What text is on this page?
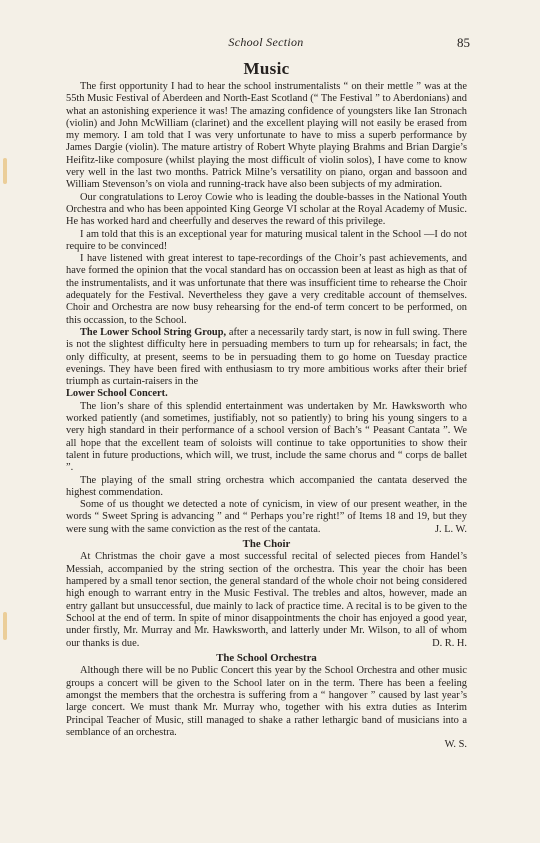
School Section	85
Music

The first opportunity I had to hear the school instrumentalists “ on their mettle ” was at the 55th Music Festival of Aberdeen and North-East Scotland (“ The Festival ” to Aberdonians) and what an astonishing experience it was! The amazing confidence of youngsters like Ian Stronach (violin) and John McWilliam (clarinet) and the excellent playing will not easily be erased from my memory. I am told that I was very unfortunate to have to miss a superb performance by James Dargie (violin). The mature artistry of Robert Whyte playing Brahms and Brian Dargie’s Heifitz-like composure (whilst playing the most difficult of violin solos), I have come to know very well in the last two months. Patrick Milne’s versatility on piano, organ and bassoon and William Stevenson’s on viola and running-track have also been subjects of my admiration.

Our congratulations to Leroy Cowie who is leading the double-basses in the National Youth Orchestra and who has been appointed King George VI scholar at the Royal Academy of Music. He has worked hard and cheerfully and deserves the reward of this privilege.

I am told that this is an exceptional year for maturing musical talent in the School —I do not require to be convinced!

I have listened with great interest to tape-recordings of the Choir’s past achievements, and have formed the opinion that the vocal standard has on occassion been at least as high as that of the instrumentalists, and it was unfortunate that there was insufficient time to rehearse the Choir adequately for the Festival. Nevertheless they gave a very creditable account of themselves. Choir and Orchestra are now busy rehearsing for the end-of term concert to be performed, on this occassion, to the School.

The Lower School String Group, after a necessarily tardy start, is now in full swing. There is not the slightest difficulty here in persuading members to turn up for rehearsals; in fact, the only difficulty, at present, seems to be in persuading them to go home on Tuesday practice evenings. They have been fired with enthusiasm to try more ambitious works after their brief triumph as curtain-raisers in the

Lower School Concert.

The lion’s share of this splendid entertainment was undertaken by Mr. Hawksworth who worked patiently (and sometimes, justifiably, not so patiently) to bring his young singers to a very high standard in their performance of a school version of Bach’s “ Peasant Cantata ”. We all hope that the excellent team of soloists will continue to take opportunities to show their talent in future productions, which will, we trust, include the same chorus and “ corps de ballet ”.

The playing of the small string orchestra which accompanied the cantata deserved the highest commendation.

Some of us thought we detected a note of cynicism, in view of our present weather, in the words “ Sweet Spring is advancing ” and “ Perhaps you’re right!” of Items 18 and 19, but they were sung with the same conviction as the rest of the cantata.	J. L. W.

The Choir

At Christmas the choir gave a most successful recital of selected pieces from Handel’s Messiah, accompanied by the string section of the orchestra. This year the choir has been hampered by a small tenor section, the general standard of the whole choir not being considered high enough to warrant entry in the Music Festival. The trebles and altos, however, made an entry gallant but unsuccessful, due mainly to lack of practice time. A recital is to be given to the School at the end of term. In spite of minor disappointments the choir has enjoyed a good year, under firstly, Mr. Murray and Mr. Hawksworth, and latterly under Mr. Wilson, to all of whom our thanks is due.	D. R. H.

The School Orchestra

Although there will be no Public Concert this year by the School Orchestra and other music groups a concert will be given to the School later on in the term. There has been a feeling amongst the members that the orchestra is suffering from a “ hangover ” caused by last year’s large concert. We must thank Mr. Murray who, together with his extra duties as Interim Principal Teacher of Music, still managed to shake a rather lethargic band of musicians into a semblance of an orchestra.

W. S.
